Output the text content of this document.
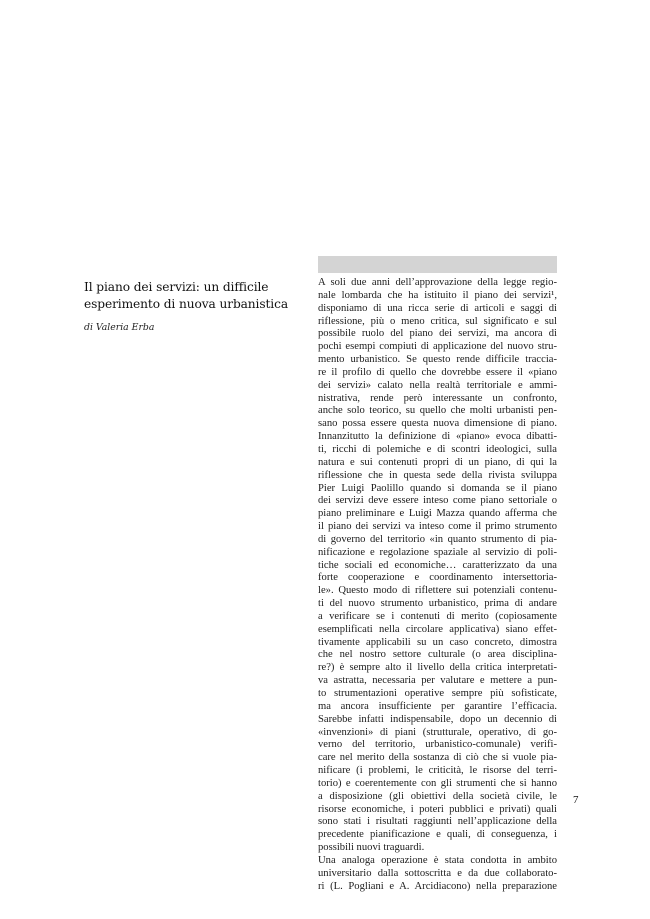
Il piano dei servizi: un difficile
esperimento di nuova urbanistica

di Valeria Erba

A soli due anni dell’approvazione della legge regio-
nale lombarda che ha istituito il piano dei servizi¹,
disponiamo di una ricca serie di articoli e saggi di
riflessione, più o meno critica, sul significato e sul
possibile ruolo del piano dei servizi, ma ancora di
pochi esempi compiuti di applicazione del nuovo stru-
mento urbanistico. Se questo rende difficile traccia-
re il profilo di quello che dovrebbe essere il «piano
dei servizi» calato nella realtà territoriale e ammi-
nistrativa, rende però interessante un confronto,
anche solo teorico, su quello che molti urbanisti pen-
sano possa essere questa nuova dimensione di piano.
Innanzitutto la definizione di «piano» evoca dibatti-
ti, ricchi di polemiche e di scontri ideologici, sulla
natura e sui contenuti propri di un piano, di qui la
riflessione che in questa sede della rivista sviluppa
Pier Luigi Paolillo quando si domanda se il piano
dei servizi deve essere inteso come piano settoriale o
piano preliminare e Luigi Mazza quando afferma che
il piano dei servizi va inteso come il primo strumento
di governo del territorio «in quanto strumento di pia-
nificazione e regolazione spaziale al servizio di poli-
tiche sociali ed economiche… caratterizzato da una
forte cooperazione e coordinamento intersettoria-
le». Questo modo di riflettere sui potenziali contenu-
ti del nuovo strumento urbanistico, prima di andare
a verificare se i contenuti di merito (copiosamente
esemplificati nella circolare applicativa) siano effet-
tivamente applicabili su un caso concreto, dimostra
che nel nostro settore culturale (o area disciplina-
re?) è sempre alto il livello della critica interpretati-
va astratta, necessaria per valutare e mettere a pun-
to strumentazioni operative sempre più sofisticate,
ma ancora insufficiente per garantire l’efficacia.
Sarebbe infatti indispensabile, dopo un decennio di
«invenzioni» di piani (strutturale, operativo, di go-
verno del territorio, urbanistico-comunale) verifi-
care nel merito della sostanza di ciò che si vuole pia-
nificare (i problemi, le criticità, le risorse del terri-
torio) e coerentemente con gli strumenti che si hanno
a disposizione (gli obiettivi della società civile, le
risorse economiche, i poteri pubblici e privati) quali
sono stati i risultati raggiunti nell’applicazione della
precedente pianificazione e quali, di conseguenza, i
possibili nuovi traguardi.
Una analoga operazione è stata condotta in ambito
universitario dalla sottoscritta e da due collaborato-
ri (L. Pogliani e A. Arcidiacono) nella preparazione

7
